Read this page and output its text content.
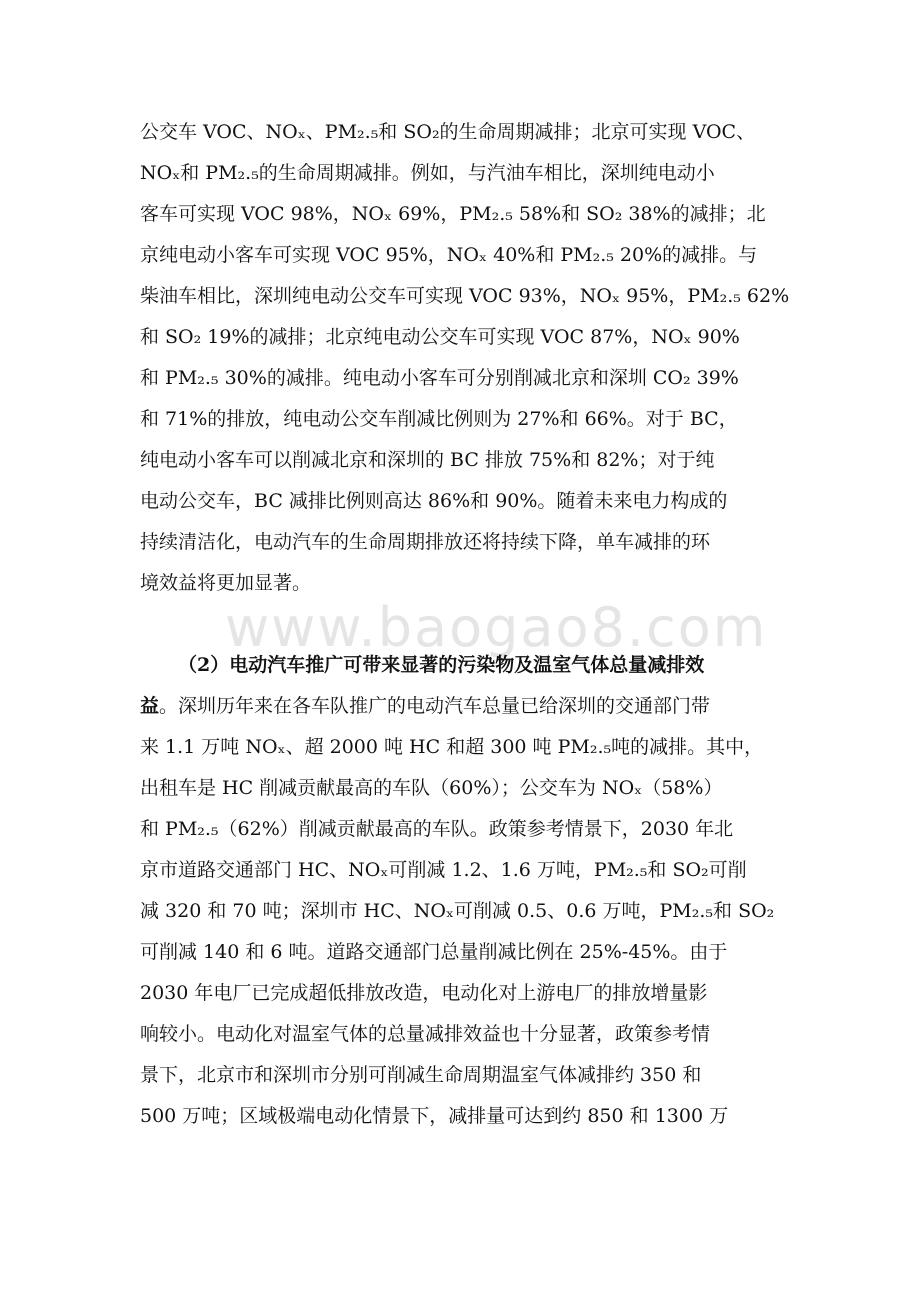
公交车 VOC、NOₓ、PM₂.₅和 SO₂的生命周期减排；北京可实现 VOC、
NOₓ和 PM₂.₅的生命周期减排。例如，与汽油车相比，深圳纯电动小
客车可实现 VOC 98%，NOₓ 69%，PM₂.₅ 58%和 SO₂ 38%的减排；北
京纯电动小客车可实现 VOC 95%，NOₓ 40%和 PM₂.₅ 20%的减排。与
柴油车相比，深圳纯电动公交车可实现 VOC 93%，NOₓ 95%，PM₂.₅ 62%
和 SO₂ 19%的减排；北京纯电动公交车可实现 VOC 87%，NOₓ 90%
和 PM₂.₅ 30%的减排。纯电动小客车可分别削减北京和深圳 CO₂ 39%
和 71%的排放，纯电动公交车削减比例则为 27%和 66%。对于 BC，
纯电动小客车可以削减北京和深圳的 BC 排放 75%和 82%；对于纯
电动公交车，BC 减排比例则高达 86%和 90%。随着未来电力构成的
持续清洁化，电动汽车的生命周期排放还将持续下降，单车减排的环
境效益将更加显著。
www.baogao8.com
（2）电动汽车推广可带来显著的污染物及温室气体总量减排效
益。深圳历年来在各车队推广的电动汽车总量已给深圳的交通部门带
来 1.1 万吨 NOₓ、超 2000 吨 HC 和超 300 吨 PM₂.₅吨的减排。其中，
出租车是 HC 削减贡献最高的车队（60%）；公交车为 NOₓ（58%）
和 PM₂.₅（62%）削减贡献最高的车队。政策参考情景下，2030 年北
京市道路交通部门 HC、NOₓ可削减 1.2、1.6 万吨，PM₂.₅和 SO₂可削
减 320 和 70 吨；深圳市 HC、NOₓ可削减 0.5、0.6 万吨，PM₂.₅和 SO₂
可削减 140 和 6 吨。道路交通部门总量削减比例在 25%-45%。由于
2030 年电厂已完成超低排放改造，电动化对上游电厂的排放增量影
响较小。电动化对温室气体的总量减排效益也十分显著，政策参考情
景下，北京市和深圳市分别可削减生命周期温室气体减排约 350 和
500 万吨；区域极端电动化情景下，减排量可达到约 850 和 1300 万
